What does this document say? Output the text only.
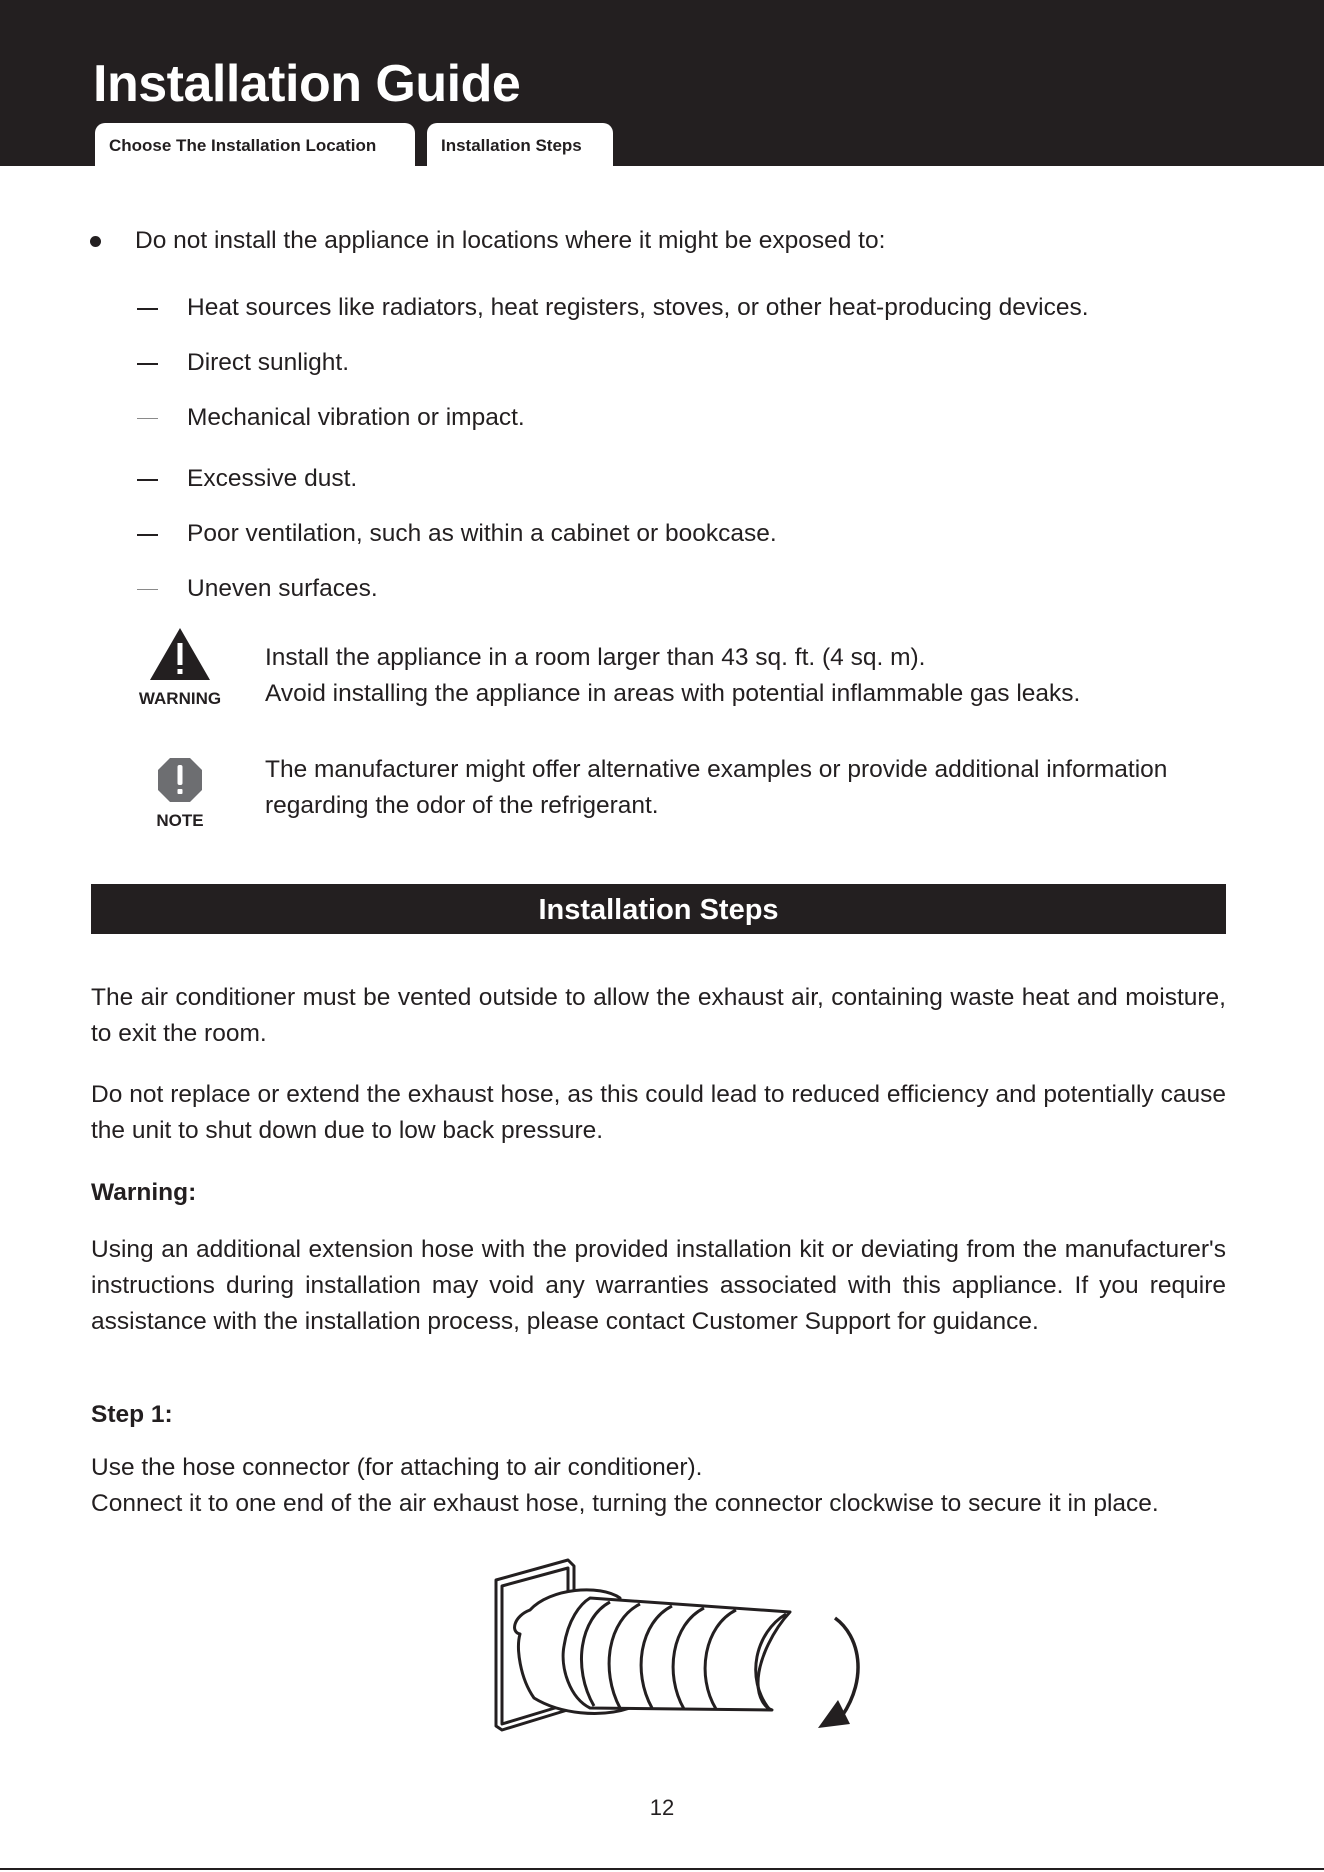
Installation Guide
Choose The Installation Location	Installation Steps
Do not install the appliance in locations where it might be exposed to:
Heat sources like radiators, heat registers, stoves, or other heat-producing devices.
Direct sunlight.
Mechanical vibration or impact.
Excessive dust.
Poor ventilation, such as within a cabinet or bookcase.
Uneven surfaces.
WARNING
Install the appliance in a room larger than 43 sq. ft. (4 sq. m).
Avoid installing the appliance in areas with potential inflammable gas leaks.
NOTE
The manufacturer might offer alternative examples or provide additional information regarding the odor of the refrigerant.
Installation Steps

The air conditioner must be vented outside to allow the exhaust air, containing waste heat and moisture, to exit the room.

Do not replace or extend the exhaust hose, as this could lead to reduced efficiency and potentially cause the unit to shut down due to low back pressure.

Warning:

Using an additional extension hose with the provided installation kit or deviating from the manufacturer's instructions during installation may void any warranties associated with this appliance. If you require assistance with the installation process, please contact Customer Support for guidance.

Step 1:
Use the hose connector (for attaching to air conditioner).
Connect it to one end of the air exhaust hose, turning the connector clockwise to secure it in place.
12
